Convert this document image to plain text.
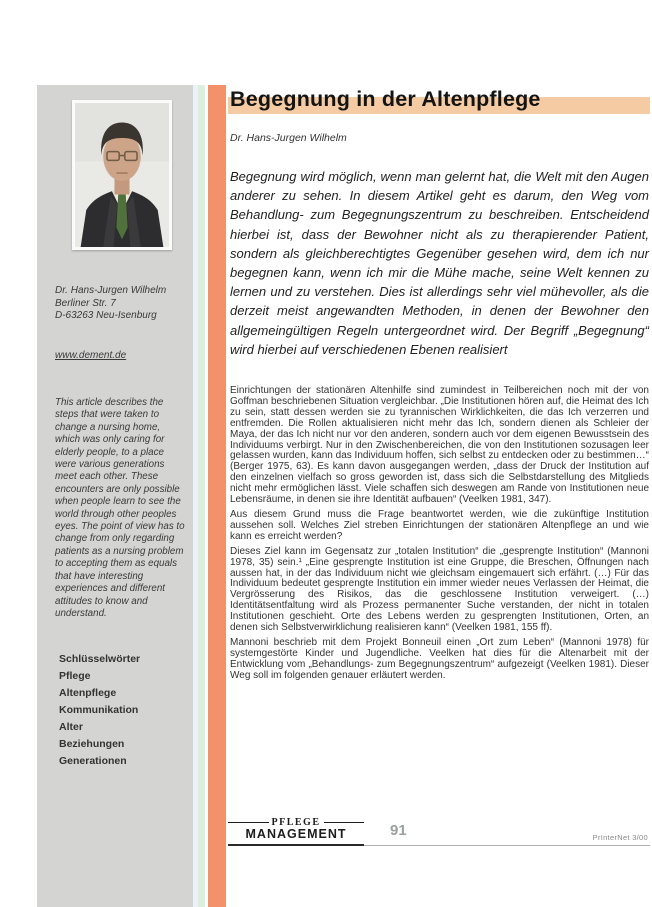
Dr. Hans-Jurgen Wilhelm
Berliner Str. 7
D-63263 Neu-Isenburg
www.dement.de
This article describes the steps that were taken to change a nursing home, which was only caring for elderly people, to a place were various generations meet each other. These encounters are only possible when people learn to see the world through other peoples eyes. The point of view has to change from only regarding patients as a nursing problem to accepting them as equals that have interesting experiences and different attitudes to know and understand.
Schlüsselwörter
Pflege
Altenpflege
Kommunikation
Alter
Beziehungen
Generationen
Begegnung in der Altenpflege
Dr. Hans-Jurgen Wilhelm

Begegnung wird möglich, wenn man gelernt hat, die Welt mit den Augen anderer zu sehen. In diesem Artikel geht es darum, den Weg vom Behandlung- zum Begegnungszentrum zu beschreiben. Entscheidend hierbei ist, dass der Bewohner nicht als zu therapierender Patient, sondern als gleichberechtigtes Gegenüber gesehen wird, dem ich nur begegnen kann, wenn ich mir die Mühe mache, seine Welt kennen zu lernen und zu verstehen. Dies ist allerdings sehr viel mühevoller, als die derzeit meist angewandten Methoden, in denen der Bewohner den allgemeingültigen Regeln untergeordnet wird. Der Begriff „Begegnung“ wird hierbei auf verschiedenen Ebenen realisiert

Einrichtungen der stationären Altenhilfe sind zumindest in Teilbereichen noch mit der von Goffman beschriebenen Situation vergleichbar. „Die Institutionen hören auf, die Heimat des Ich zu sein, statt dessen werden sie zu tyrannischen Wirklichkeiten, die das Ich verzerren und entfremden. Die Rollen aktualisieren nicht mehr das Ich, sondern dienen als Schleier der Maya, der das Ich nicht nur vor den anderen, sondern auch vor dem eigenen Bewusstsein des Individuums verbirgt. Nur in den Zwischenbereichen, die von den Institutionen sozusagen leer gelassen wurden, kann das Individuum hoffen, sich selbst zu entdecken oder zu bestimmen…“ (Berger 1975, 63). Es kann davon ausgegangen werden, „dass der Druck der Institution auf den einzelnen vielfach so gross geworden ist, dass sich die Selbstdarstellung des Mitglieds nicht mehr ermöglichen lässt. Viele schaffen sich deswegen am Rande von Institutionen neue Lebensräume, in denen sie ihre Identität aufbauen“ (Veelken 1981, 347).

Aus diesem Grund muss die Frage beantwortet werden, wie die zukünftige Institution aussehen soll. Welches Ziel streben Einrichtungen der stationären Altenpflege an und wie kann es erreicht werden?

Dieses Ziel kann im Gegensatz zur „totalen Institution“ die „gesprengte Institution“ (Mannoni 1978, 35) sein.¹ „Eine gesprengte Institution ist eine Gruppe, die Breschen, Öffnungen nach aussen hat, in der das Individuum nicht wie gleichsam eingemauert sich erfährt. (…) Für das Individuum bedeutet gesprengte Institution ein immer wieder neues Verlassen der Heimat, die Vergrösserung des Risikos, das die geschlossene Institution verweigert. (…) Identitätsentfaltung wird als Prozess permanenter Suche verstanden, der nicht in totalen Institutionen geschieht. Orte des Lebens werden zu gesprengten Institutionen, Orten, an denen sich Selbstverwirklichung realisieren kann“ (Veelken 1981, 155 ff).

Mannoni beschrieb mit dem Projekt Bonneuil einen „Ort zum Leben“ (Mannoni 1978) für systemgestörte Kinder und Jugendliche. Veelken hat dies für die Altenarbeit mit der Entwicklung vom „Behandlungs- zum Begegnungszentrum“ aufgezeigt (Veelken 1981). Dieser Weg soll im folgenden genauer erläutert werden.

PFLEGE
MANAGEMENT	91	PrInterNet 3/00
